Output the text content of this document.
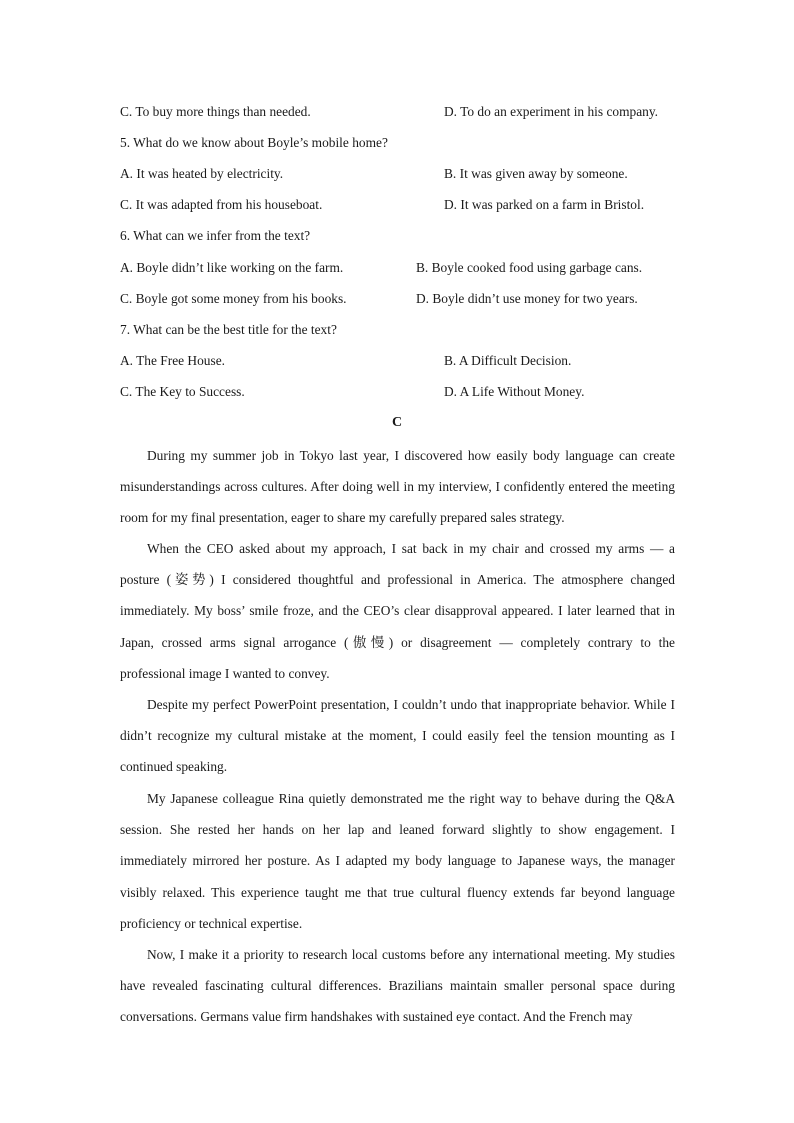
C. To buy more things than needed.	D. To do an experiment in his company.
5. What do we know about Boyle’s mobile home?
A. It was heated by electricity.	B. It was given away by someone.
C. It was adapted from his houseboat.	D. It was parked on a farm in Bristol.
6. What can we infer from the text?
A. Boyle didn’t like working on the farm.	B. Boyle cooked food using garbage cans.
C. Boyle got some money from his books.	D. Boyle didn’t use money for two years.
7. What can be the best title for the text?
A. The Free House.	B. A Difficult Decision.
C. The Key to Success.	D. A Life Without Money.
C

During my summer job in Tokyo last year, I discovered how easily body language can create misunderstandings across cultures. After doing well in my interview, I confidently entered the meeting room for my final presentation, eager to share my carefully prepared sales strategy.

When the CEO asked about my approach, I sat back in my chair and crossed my arms — a posture (姿势) I considered thoughtful and professional in America. The atmosphere changed immediately. My boss’ smile froze, and the CEO’s clear disapproval appeared. I later learned that in Japan, crossed arms signal arrogance (傲慢) or disagreement — completely contrary to the professional image I wanted to convey.

Despite my perfect PowerPoint presentation, I couldn’t undo that inappropriate behavior. While I didn’t recognize my cultural mistake at the moment, I could easily feel the tension mounting as I continued speaking.

My Japanese colleague Rina quietly demonstrated me the right way to behave during the Q&A session. She rested her hands on her lap and leaned forward slightly to show engagement. I immediately mirrored her posture. As I adapted my body language to Japanese ways, the manager visibly relaxed. This experience taught me that true cultural fluency extends far beyond language proficiency or technical expertise.

Now, I make it a priority to research local customs before any international meeting. My studies have revealed fascinating cultural differences. Brazilians maintain smaller personal space during conversations. Germans value firm handshakes with sustained eye contact. And the French may
